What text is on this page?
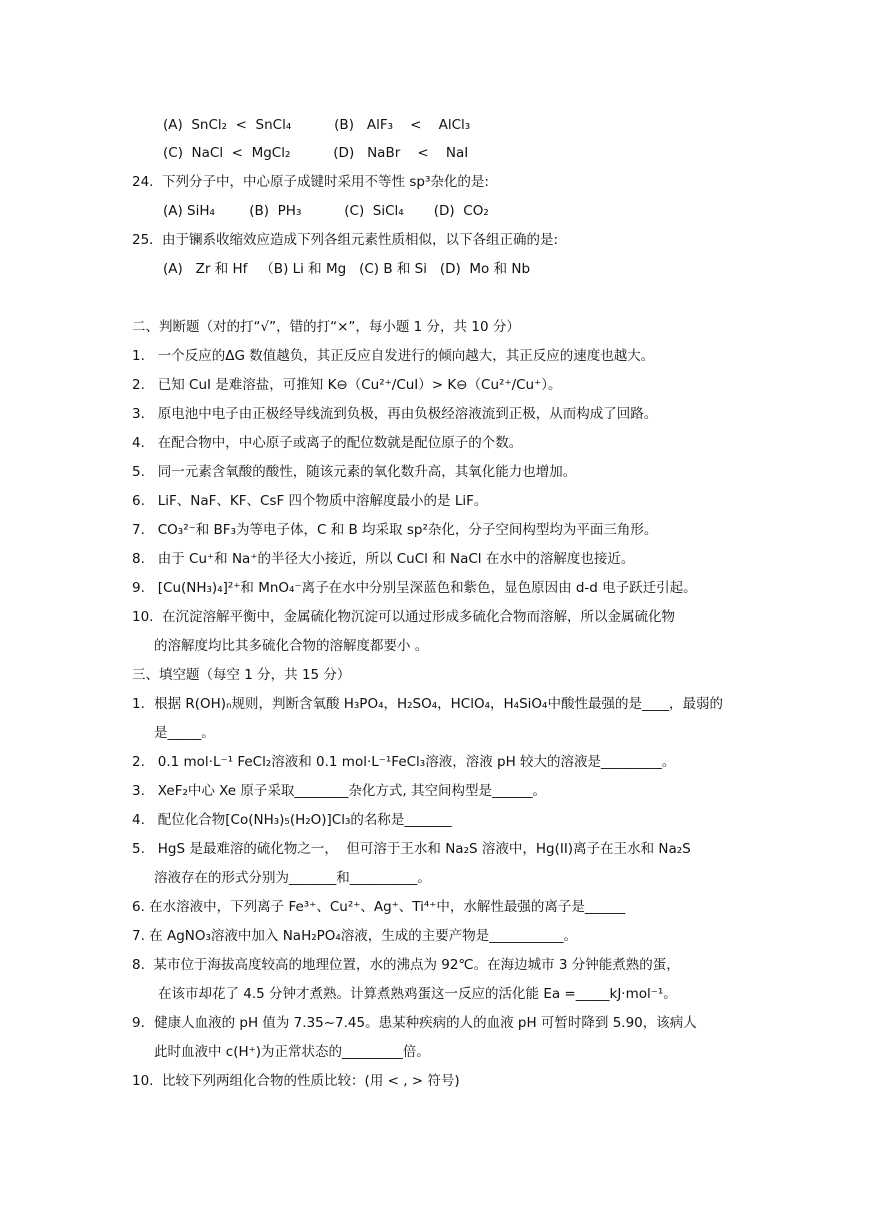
(A)  SnCl₂  <  SnCl₄          (B)   AlF₃    <    AlCl₃
(C)  NaCl  <  MgCl₂          (D)   NaBr    <    NaI
24.  下列分子中，中心原子成键时采用不等性 sp³杂化的是:
(A) SiH₄        (B)  PH₃          (C)  SiCl₄       (D)  CO₂
25.  由于镧系收缩效应造成下列各组元素性质相似，以下各组正确的是:
(A)   Zr 和 Hf   （B) Li 和 Mg   (C) B 和 Si   (D)  Mo 和 Nb
二、判断题（对的打“√”，错的打“×”，每小题 1 分，共 10 分）
1.   一个反应的ΔG 数值越负，其正反应自发进行的倾向越大，其正反应的速度也越大。
2.   已知 CuI 是难溶盐，可推知 K⊖（Cu²⁺/CuI）> K⊖（Cu²⁺/Cu⁺）。
3.   原电池中电子由正极经导线流到负极，再由负极经溶液流到正极，从而构成了回路。
4.   在配合物中，中心原子或离子的配位数就是配位原子的个数。
5.   同一元素含氧酸的酸性，随该元素的氧化数升高，其氧化能力也增加。
6.   LiF、NaF、KF、CsF 四个物质中溶解度最小的是 LiF。
7.   CO₃²⁻和 BF₃为等电子体，C 和 B 均采取 sp²杂化，分子空间构型均为平面三角形。
8.   由于 Cu⁺和 Na⁺的半径大小接近，所以 CuCl 和 NaCl 在水中的溶解度也接近。
9.   [Cu(NH₃)₄]²⁺和 MnO₄⁻离子在水中分别呈深蓝色和紫色，显色原因由 d-d 电子跃迁引起。
10.  在沉淀溶解平衡中，金属硫化物沉淀可以通过形成多硫化合物而溶解，所以金属硫化物
的溶解度均比其多硫化合物的溶解度都要小 。
三、填空题（每空 1 分，共 15 分）
1．根据 R(OH)ₙ规则，判断含氧酸 H₃PO₄，H₂SO₄，HClO₄，H₄SiO₄中酸性最强的是____，最弱的
是_____。
2.   0.1 mol·L⁻¹ FeCl₂溶液和 0.1 mol·L⁻¹FeCl₃溶液，溶液 pH 较大的溶液是_________。
3.   XeF₂中心 Xe 原子采取________杂化方式, 其空间构型是______。
4.   配位化合物[Co(NH₃)₅(H₂O)]Cl₃的名称是_______
5.   HgS 是最难溶的硫化物之一，  但可溶于王水和 Na₂S 溶液中，Hg(II)离子在王水和 Na₂S
溶液存在的形式分别为_______和__________。
6. 在水溶液中，下列离子 Fe³⁺、Cu²⁺、Ag⁺、Ti⁴⁺中，水解性最强的离子是______
7. 在 AgNO₃溶液中加入 NaH₂PO₄溶液，生成的主要产物是___________。
8.  某市位于海拔高度较高的地理位置，水的沸点为 92℃。在海边城市 3 分钟能煮熟的蛋，
在该市却花了 4.5 分钟才煮熟。计算煮熟鸡蛋这一反应的活化能 Ea =_____kJ·mol⁻¹。
9．健康人血液的 pH 值为 7.35~7.45。患某种疾病的人的血液 pH 可暂时降到 5.90，该病人
此时血液中 c(H⁺)为正常状态的_________倍。
10.  比较下列两组化合物的性质比较：(用 < , > 符号)
